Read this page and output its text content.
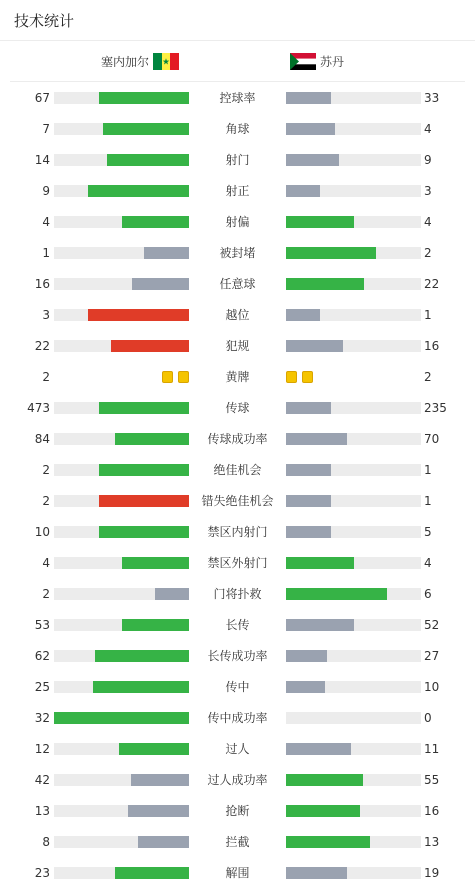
技术统计
塞内加尔	苏丹
67	控球率	33
7	角球	4
14	射门	9
9	射正	3
4	射偏	4
1	被封堵	2
16	任意球	22
3	越位	1
22	犯规	16
2	黄牌	2
473	传球	235
84	传球成功率	70
2	绝佳机会	1
2	错失绝佳机会	1
10	禁区内射门	5
4	禁区外射门	4
2	门将扑救	6
53	长传	52
62	长传成功率	27
25	传中	10
32	传中成功率	0
12	过人	11
42	过人成功率	55
13	抢断	16
8	拦截	13
23	解围	19
